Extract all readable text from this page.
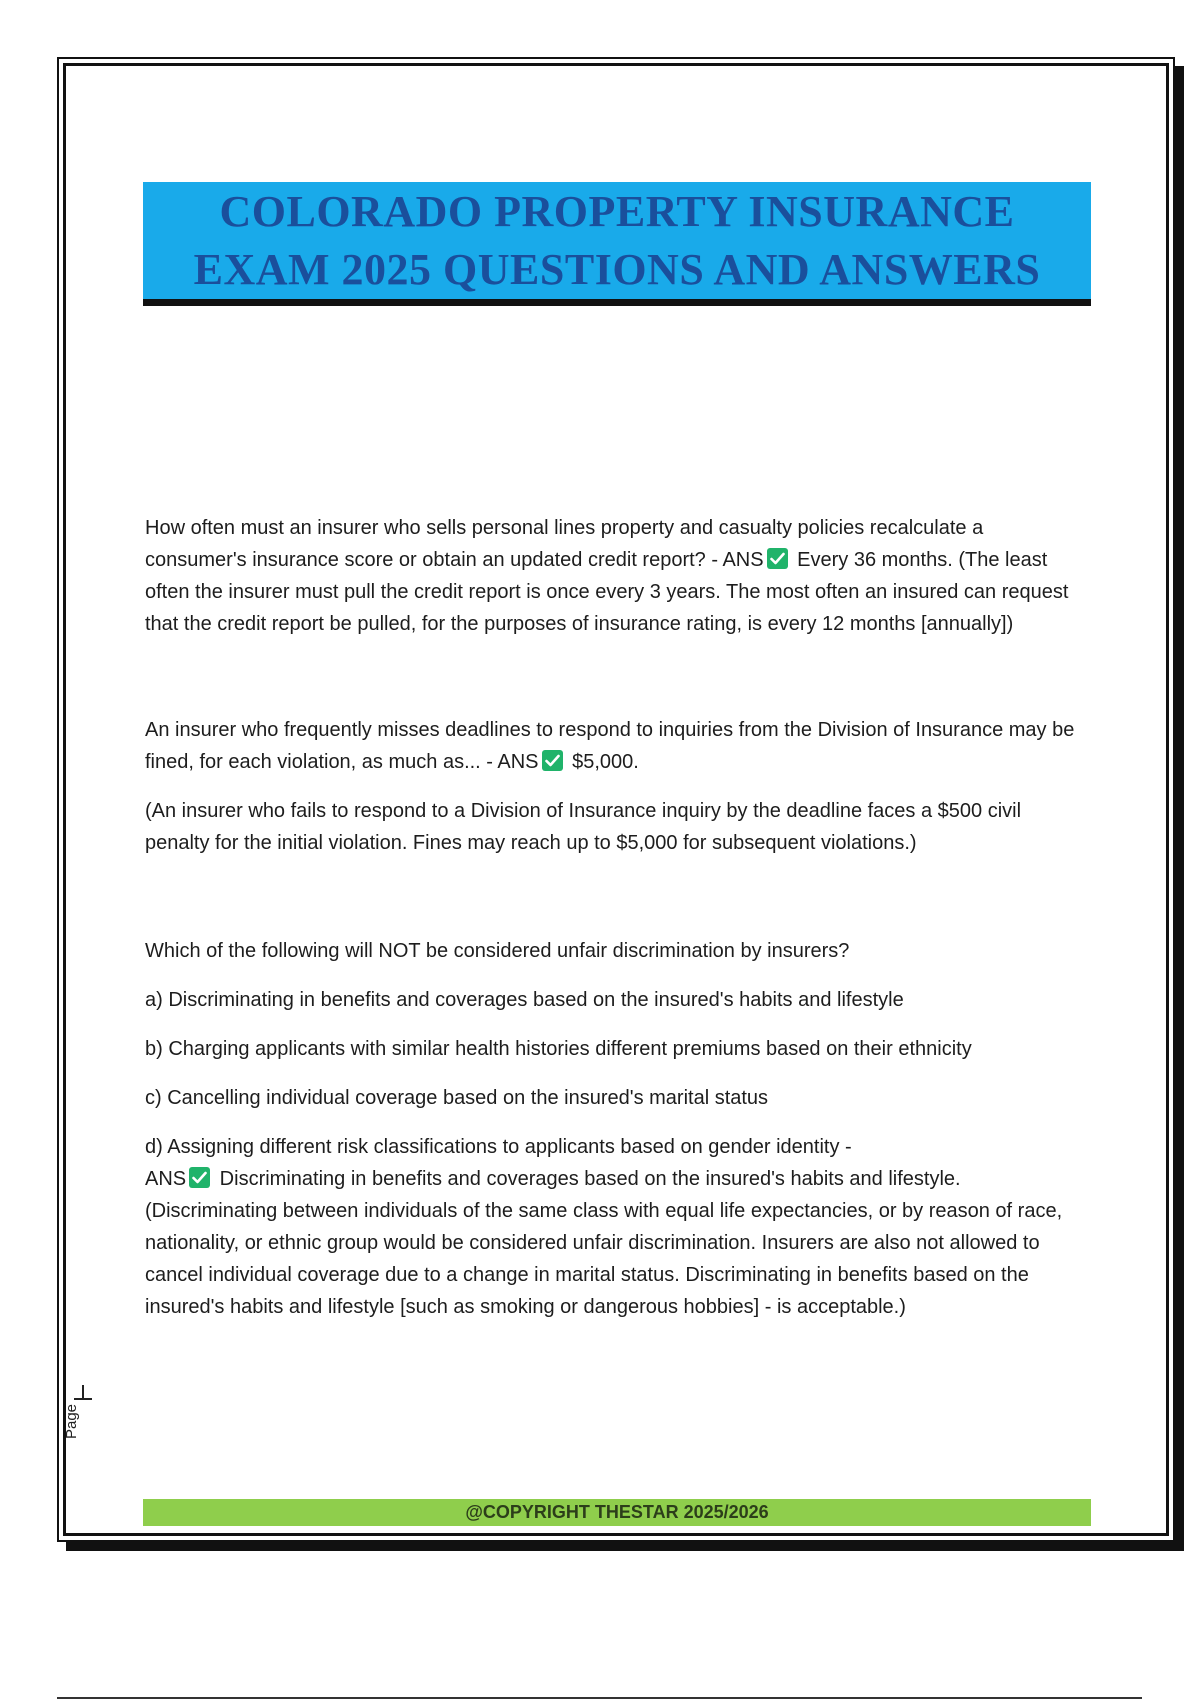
COLORADO PROPERTY INSURANCE
EXAM 2025 QUESTIONS AND ANSWERS

How often must an insurer who sells personal lines property and casualty policies recalculate a consumer's insurance score or obtain an updated credit report? - ANS
Every 36 months. (The least often the insurer must pull the credit report is once every 3 years. The most often an insured can request that the credit report be pulled, for the purposes of insurance rating, is every 12 months [annually])

An insurer who frequently misses deadlines to respond to inquiries from the Division of Insurance may be fined, for each violation, as much as... - ANS
$5,000.

(An insurer who fails to respond to a Division of Insurance inquiry by the deadline faces a $500 civil penalty for the initial violation. Fines may reach up to $5,000 for subsequent violations.)

Which of the following will NOT be considered unfair discrimination by insurers?

a) Discriminating in benefits and coverages based on the insured's habits and lifestyle

b) Charging applicants with similar health histories different premiums based on their ethnicity

c) Cancelling individual coverage based on the insured's marital status

d) Assigning different risk classifications to applicants based on gender identity -

ANS
Discriminating in benefits and coverages based on the insured's habits and lifestyle. (Discriminating between individuals of the same class with equal life expectancies, or by reason of race, nationality, or ethnic group would be considered unfair discrimination. Insurers are also not allowed to cancel individual coverage due to a change in marital status. Discriminating in benefits based on the insured's habits and lifestyle [such as smoking or dangerous hobbies] - is acceptable.)

Page
@COPYRIGHT THESTAR 2025/2026
